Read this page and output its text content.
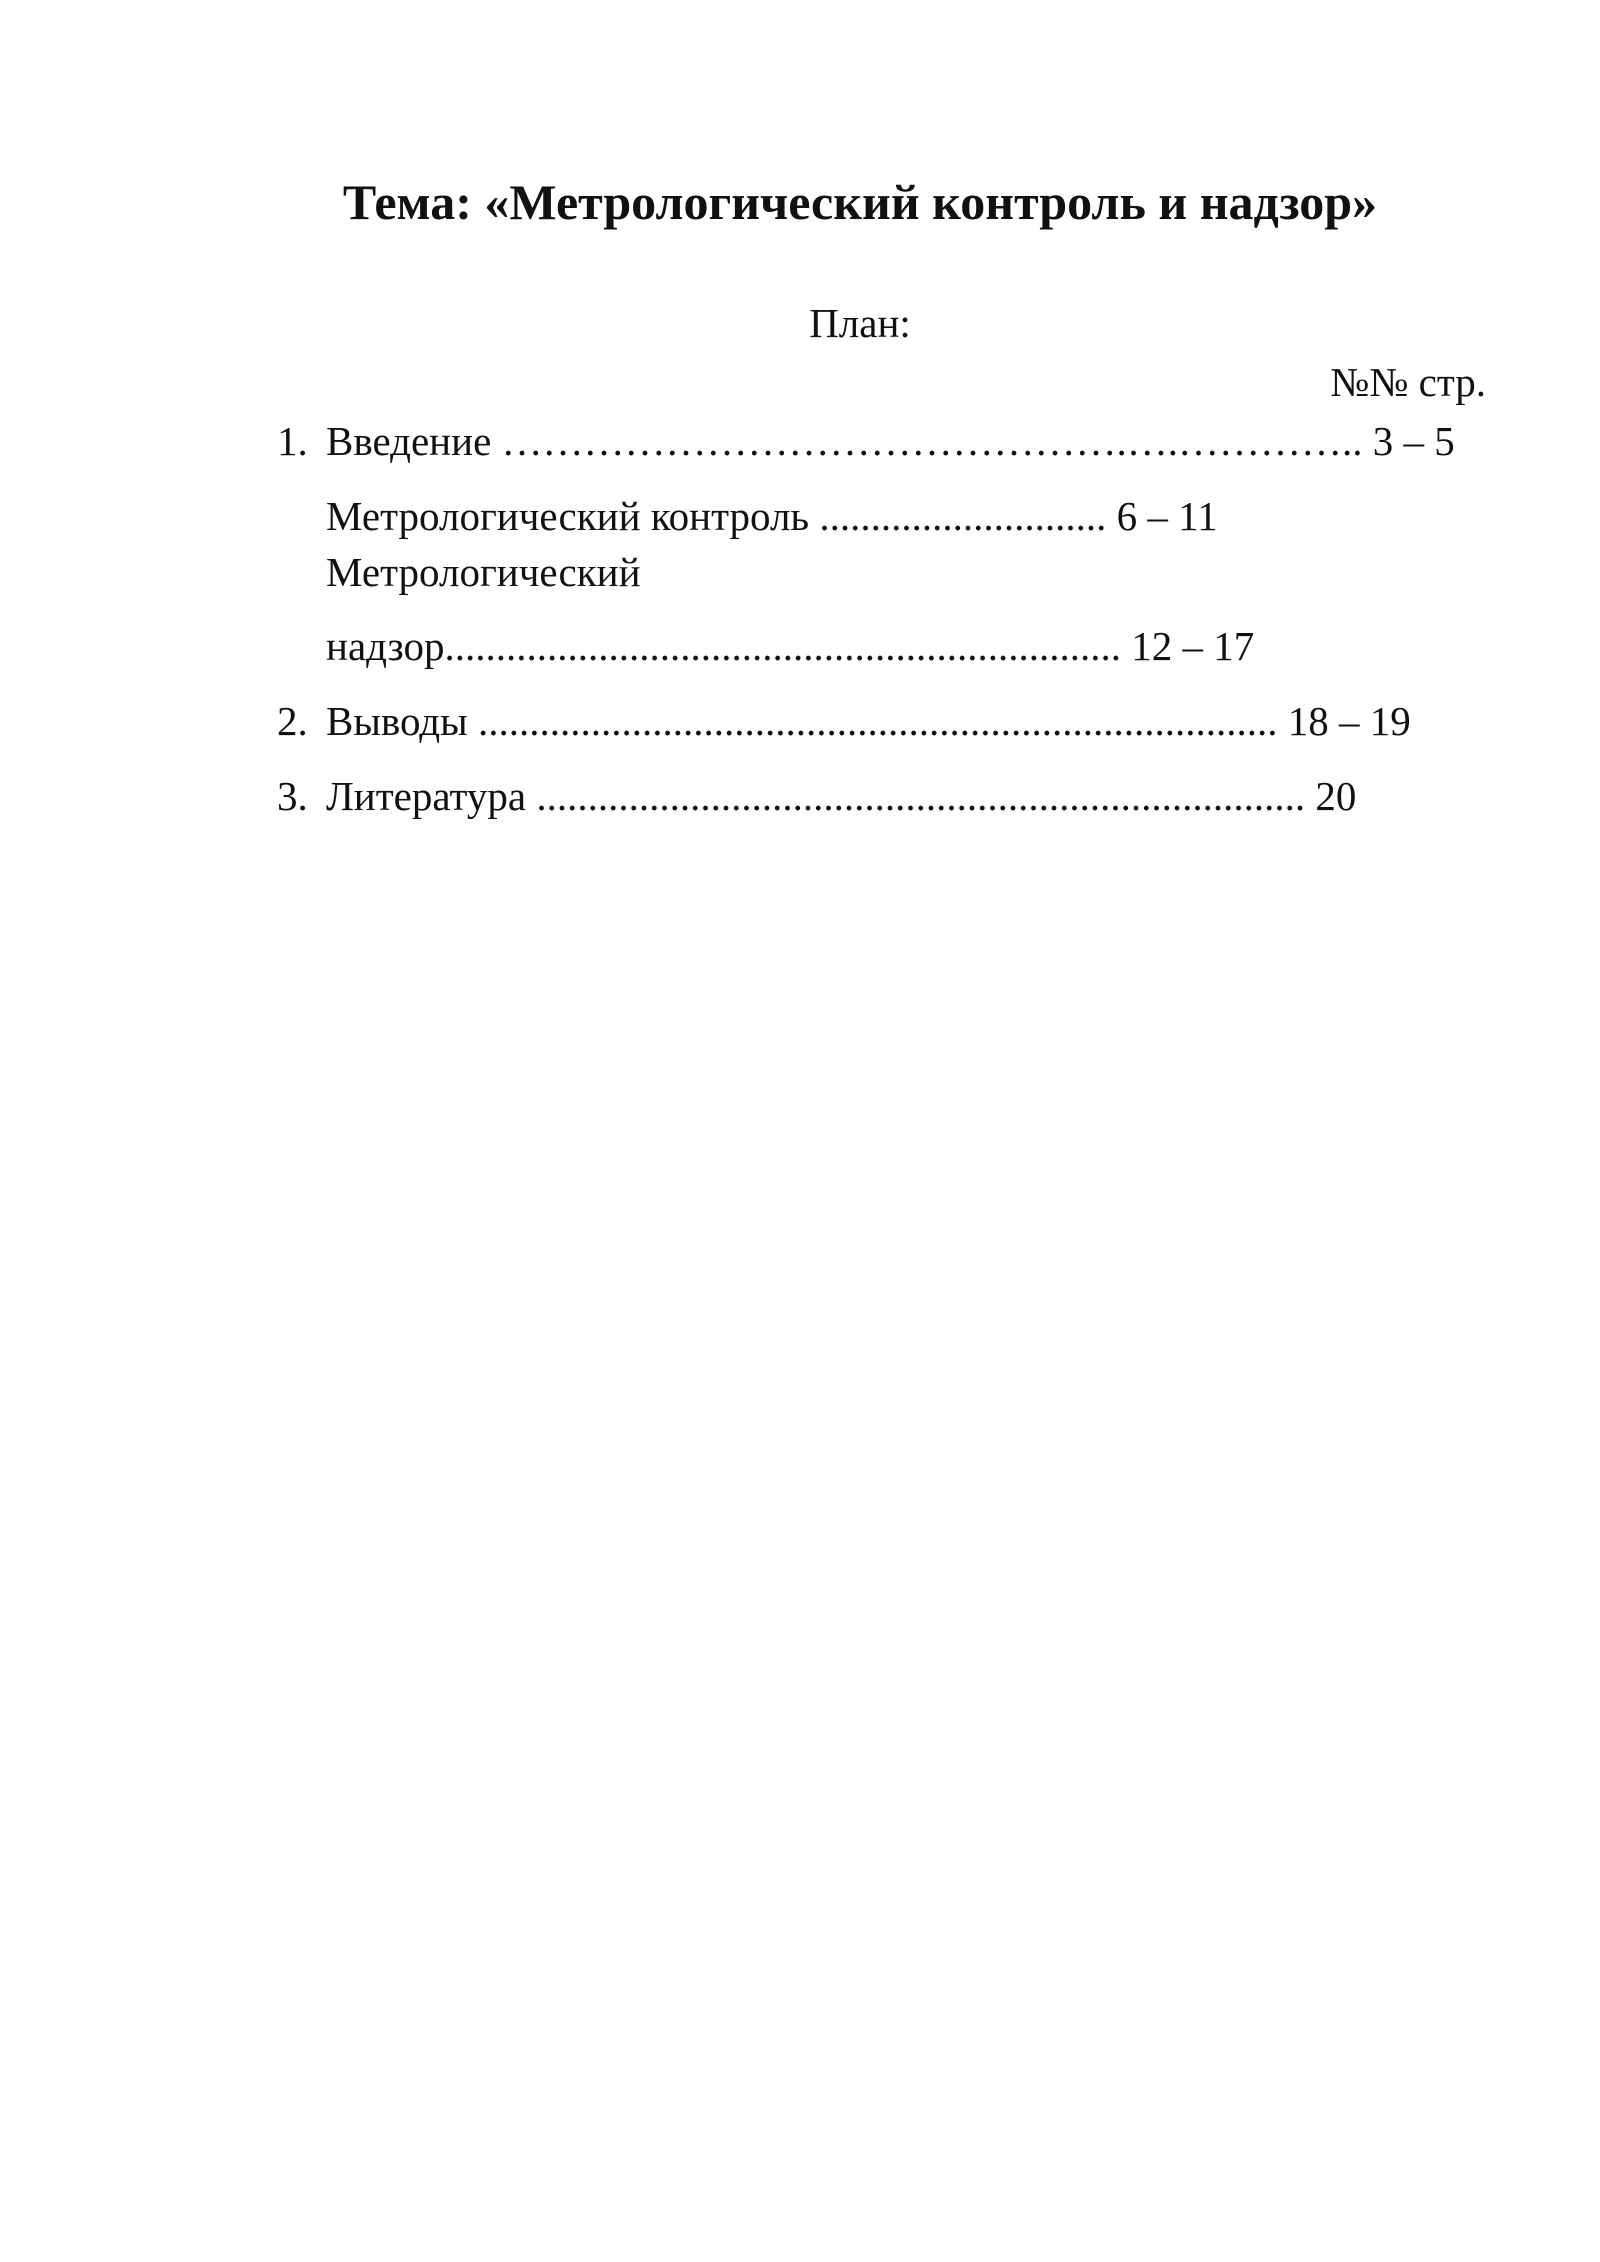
Тема: «Метрологический контроль и надзор»
План:
№№ стр.
1. Введение ……………………………………….….………….. 3 – 5
Метрологический контроль ............................ 6 – 11
Метрологический
надзор.................................................................. 12 – 17
2. Выводы .............................................................................. 18 – 19
3. Литература ........................................................................... 20
